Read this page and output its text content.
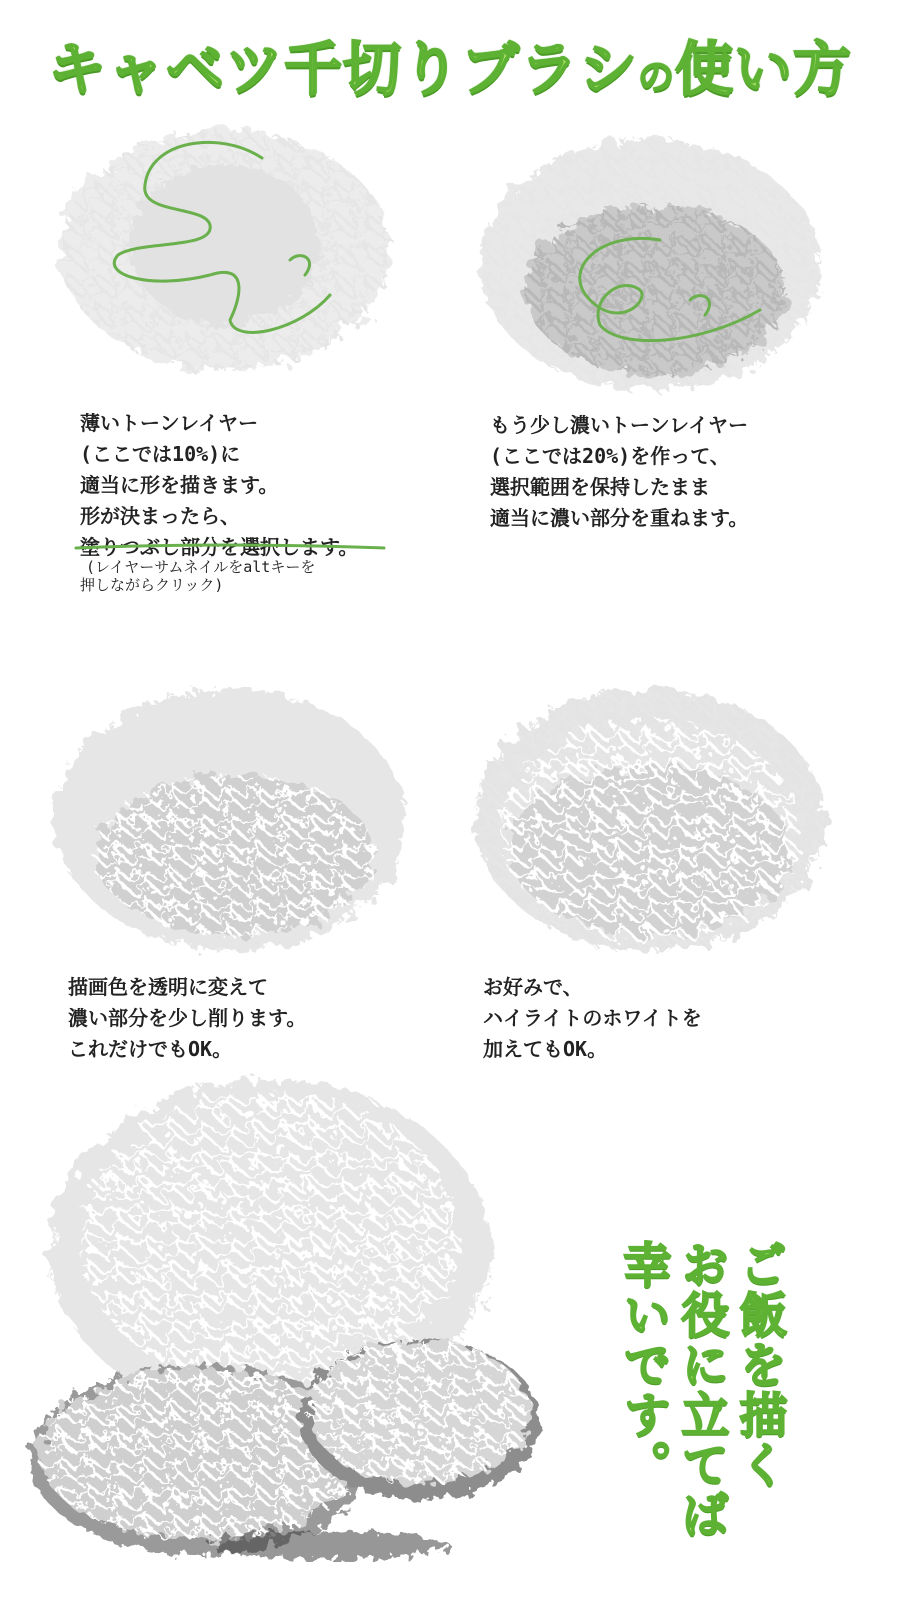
キャベツ千切りブラシの使い方
薄いトーンレイヤー
(ここでは10%)に
適当に形を描きます。
形が決まったら、
塗りつぶし部分を選択します。
(レイヤーサムネイルをaltキーを
押しながらクリック)
もう少し濃いトーンレイヤー
(ここでは20%)を作って、
選択範囲を保持したまま
適当に濃い部分を重ねます。
描画色を透明に変えて
濃い部分を少し削ります。
これだけでもOK。
お好みで、
ハイライトのホワイトを
加えてもOK。
ご飯を描く
お役に立てば
幸いです。
